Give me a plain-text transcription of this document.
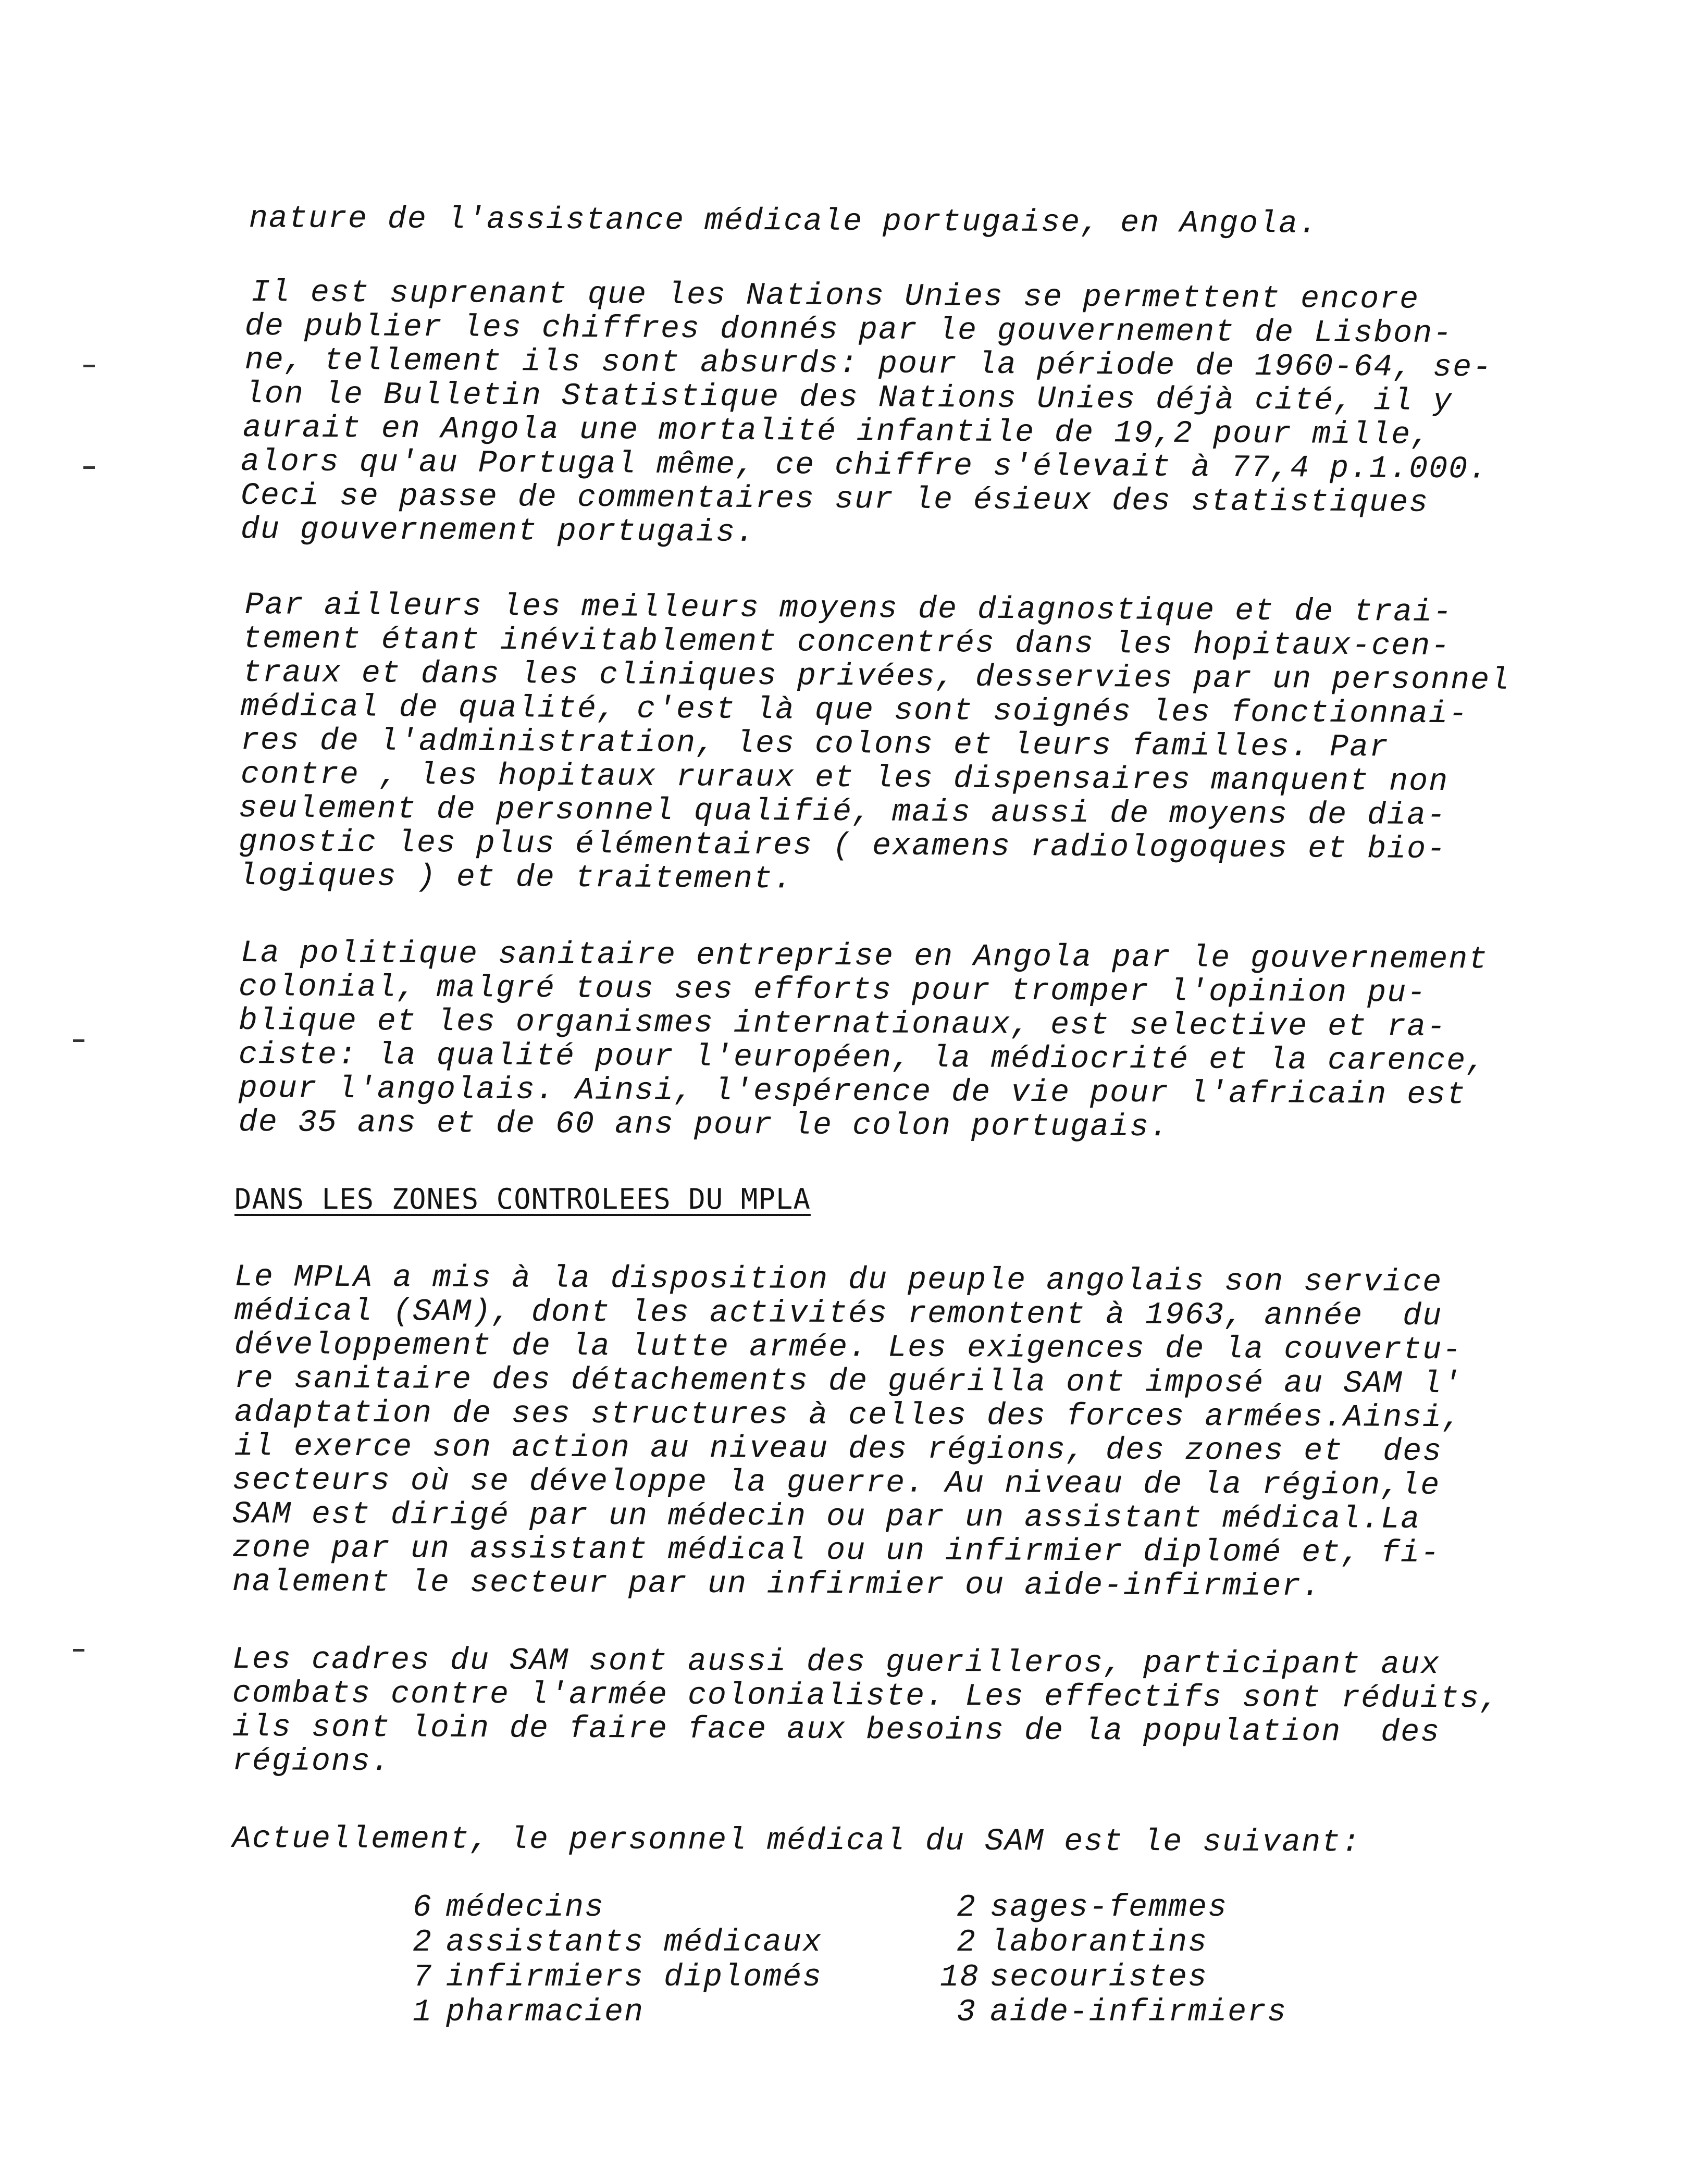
nature de l'assistance médicale portugaise, en Angola.
Il est suprenant que les Nations Unies se permettent encore
de publier les chiffres donnés par le gouvernement de Lisbon-
ne, tellement ils sont absurds: pour la période de 1960-64, se-
lon le Bulletin Statistique des Nations Unies déjà cité, il y
aurait en Angola une mortalité infantile de 19,2 pour mille,
alors qu'au Portugal même, ce chiffre s'élevait à 77,4 p.1.000.
Ceci se passe de commentaires sur le ésieux des statistiques
du gouvernement portugais.
Par ailleurs les meilleurs moyens de diagnostique et de trai-
tement étant inévitablement concentrés dans les hopitaux-cen-
traux et dans les cliniques privées, desservies par un personnel
médical de qualité, c'est là que sont soignés les fonctionnai-
res de l'administration, les colons et leurs familles. Par
contre , les hopitaux ruraux et les dispensaires manquent non
seulement de personnel qualifié, mais aussi de moyens de dia-
gnostic les plus élémentaires ( examens radiologoques et bio-
logiques ) et de traitement.
La politique sanitaire entreprise en Angola par le gouvernement
colonial, malgré tous ses efforts pour tromper l'opinion pu-
blique et les organismes internationaux, est selective et ra-
ciste: la qualité pour l'européen, la médiocrité et la carence,
pour l'angolais. Ainsi, l'espérence de vie pour l'africain est
de 35 ans et de 60 ans pour le colon portugais.
DANS LES ZONES CONTROLEES DU MPLA
Le MPLA a mis à la disposition du peuple angolais son service
médical (SAM), dont les activités remontent à 1963, année  du
développement de la lutte armée. Les exigences de la couvertu-
re sanitaire des détachements de guérilla ont imposé au SAM l'
adaptation de ses structures à celles des forces armées.Ainsi,
il exerce son action au niveau des régions, des zones et  des
secteurs où se développe la guerre. Au niveau de la région,le
SAM est dirigé par un médecin ou par un assistant médical.La
zone par un assistant médical ou un infirmier diplomé et, fi-
nalement le secteur par un infirmier ou aide-infirmier.
Les cadres du SAM sont aussi des guerilleros, participant aux
combats contre l'armée colonialiste. Les effectifs sont réduits,
ils sont loin de faire face aux besoins de la population  des
régions.
Actuellement, le personnel médical du SAM est le suivant:
6 médecins
2 assistants médicaux
7 infirmiers diplomés
1 pharmacien
2 sages-femmes
2 laborantins
18 secouristes
3 aide-infirmiers
